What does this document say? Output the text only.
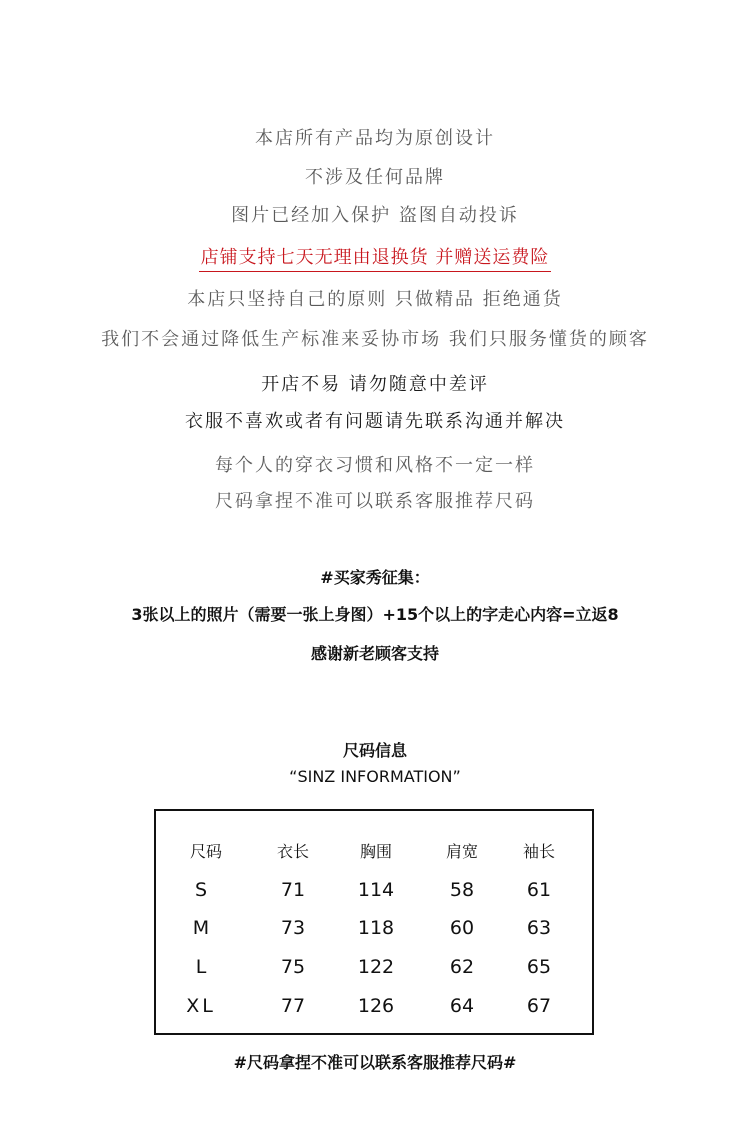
本店所有产品均为原创设计
不涉及任何品牌
图片已经加入保护 盗图自动投诉
店铺支持七天无理由退换货 并赠送运费险
本店只坚持自己的原则 只做精品 拒绝通货
我们不会通过降低生产标准来妥协市场 我们只服务懂货的顾客
开店不易 请勿随意中差评
衣服不喜欢或者有问题请先联系沟通并解决
每个人的穿衣习惯和风格不一定一样
尺码拿捏不准可以联系客服推荐尺码
#买家秀征集：
3张以上的照片（需要一张上身图）+15个以上的字走心内容=立返8
感谢新老顾客支持
尺码信息
“SINZ INFORMATION”
尺码	衣长	胸围	肩宽	袖长
S	71	114	58	61
M	73	118	60	63
L	75	122	62	65
XL	77	126	64	67
#尺码拿捏不准可以联系客服推荐尺码#
